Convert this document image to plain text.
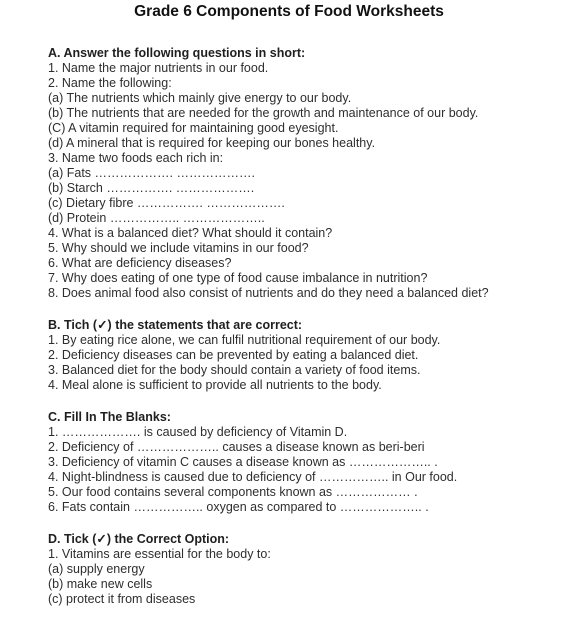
Grade 6 Components of Food Worksheets
A. Answer the following questions in short:
1. Name the major nutrients in our food.
2. Name the following:
(a) The nutrients which mainly give energy to our body.
(b) The nutrients that are needed for the growth and maintenance of our body.
(C) A vitamin required for maintaining good eyesight.
(d) A mineral that is required for keeping our bones healthy.
3. Name two foods each rich in:
(a) Fats ………………. ……………….
(b) Starch ……………. ……………….
(c) Dietary fibre ……………. ……………….
(d) Protein …………….. ………………..
4. What is a balanced diet? What should it contain?
5. Why should we include vitamins in our food?
6. What are deficiency diseases?
7. Why does eating of one type of food cause imbalance in nutrition?
8. Does animal food also consist of nutrients and do they need a balanced diet?
B. Tich (✓) the statements that are correct:
1. By eating rice alone, we can fulfil nutritional requirement of our body.
2. Deficiency diseases can be prevented by eating a balanced diet.
3. Balanced diet for the body should contain a variety of food items.
4. Meal alone is sufficient to provide all nutrients to the body.
C. Fill In The Blanks:
1. ………………. is caused by deficiency of Vitamin D.
2. Deficiency of ……………….. causes a disease known as beri-beri
3. Deficiency of vitamin C causes a disease known as ……………….. .
4. Night-blindness is caused due to deficiency of …………….. in Our food.
5. Our food contains several components known as ……………… .
6. Fats contain …………….. oxygen as compared to ……………….. .
D. Tick (✓) the Correct Option:
1. Vitamins are essential for the body to:
(a) supply energy
(b) make new cells
(c) protect it from diseases
